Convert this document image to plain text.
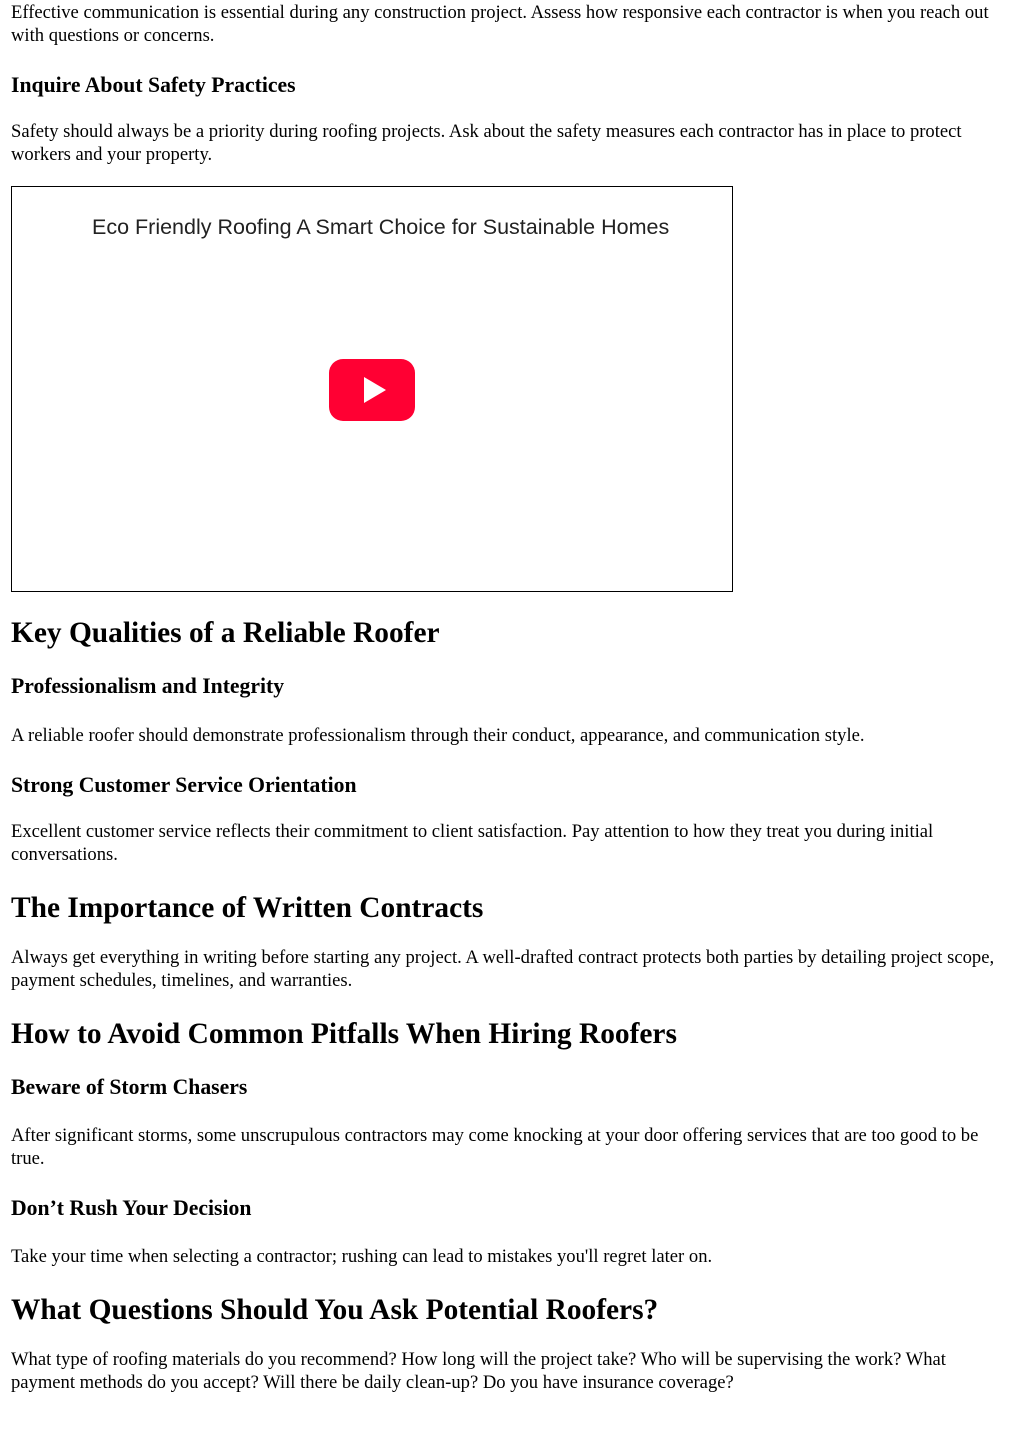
Effective communication is essential during any construction project. Assess how responsive each contractor is when you reach out with questions or concerns.

Inquire About Safety Practices

Safety should always be a priority during roofing projects. Ask about the safety measures each contractor has in place to protect workers and your property.

Eco Friendly Roofing A Smart Choice for Sustainable Homes
Key Qualities of a Reliable Roofer
Professionalism and Integrity

A reliable roofer should demonstrate professionalism through their conduct, appearance, and communication style.

Strong Customer Service Orientation

Excellent customer service reflects their commitment to client satisfaction. Pay attention to how they treat you during initial conversations.

The Importance of Written Contracts

Always get everything in writing before starting any project. A well-drafted contract protects both parties by detailing project scope, payment schedules, timelines, and warranties.

How to Avoid Common Pitfalls When Hiring Roofers
Beware of Storm Chasers

After significant storms, some unscrupulous contractors may come knocking at your door offering services that are too good to be true.

Don’t Rush Your Decision

Take your time when selecting a contractor; rushing can lead to mistakes you'll regret later on.

What Questions Should You Ask Potential Roofers?

What type of roofing materials do you recommend? How long will the project take? Who will be supervising the work? What payment methods do you accept? Will there be daily clean-up? Do you have insurance coverage?
